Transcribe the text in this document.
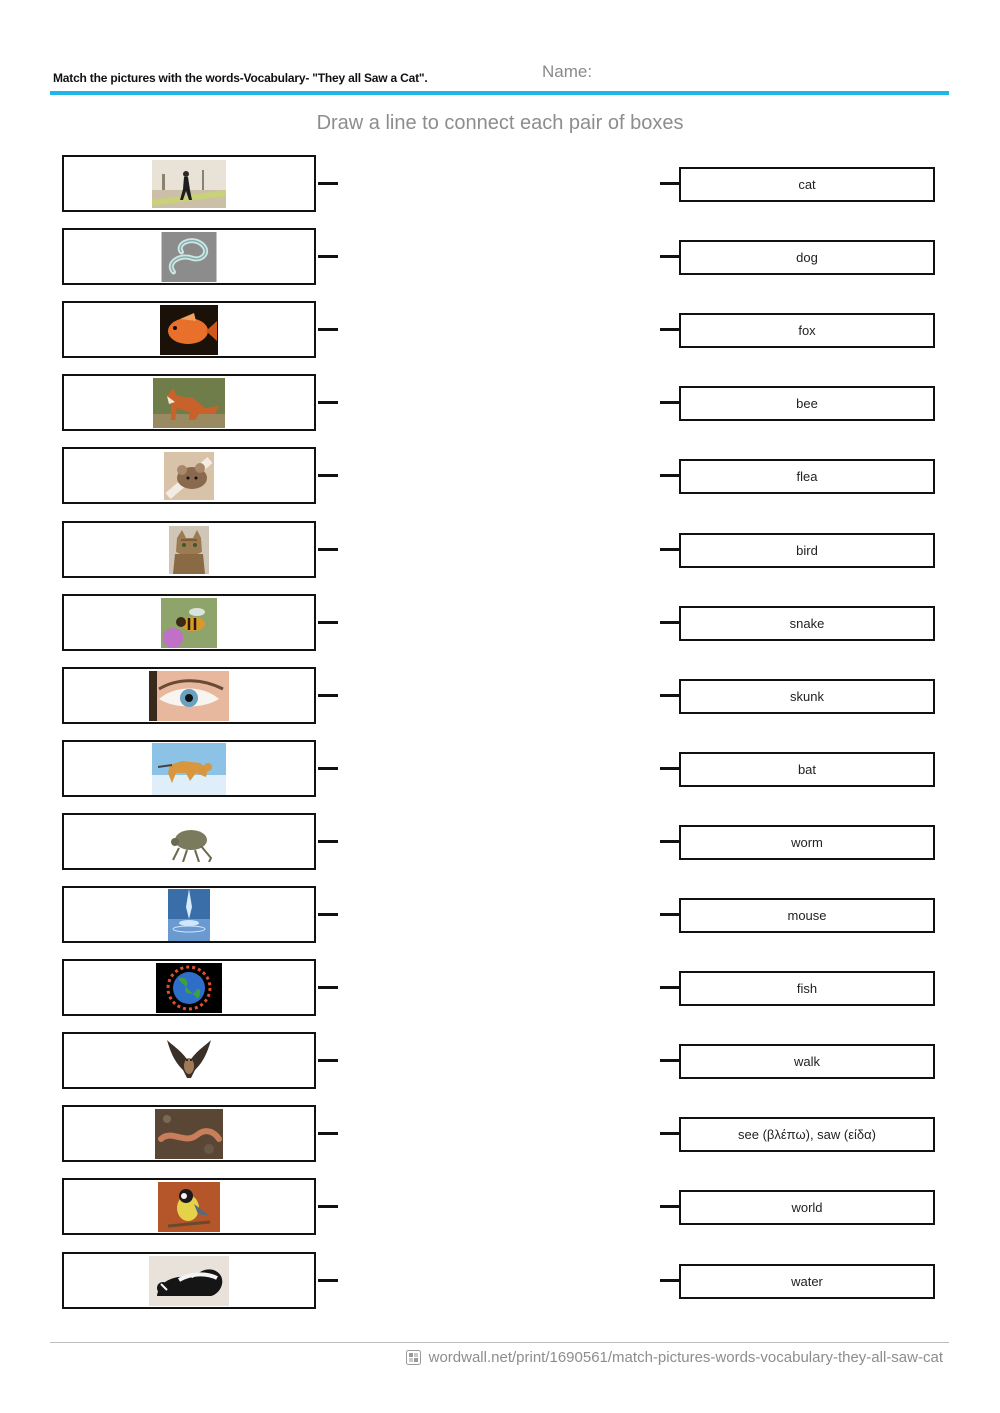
Match the pictures with the words-Vocabulary- "They all Saw a Cat".	Name:
Draw a line to connect each pair of boxes
cat
dog
fox
bee
flea
bird
snake
skunk
bat
worm
mouse
fish
walk
see (βλέπω), saw (είδα)
world
water
wordwall.net/print/1690561/match-pictures-words-vocabulary-they-all-saw-cat
